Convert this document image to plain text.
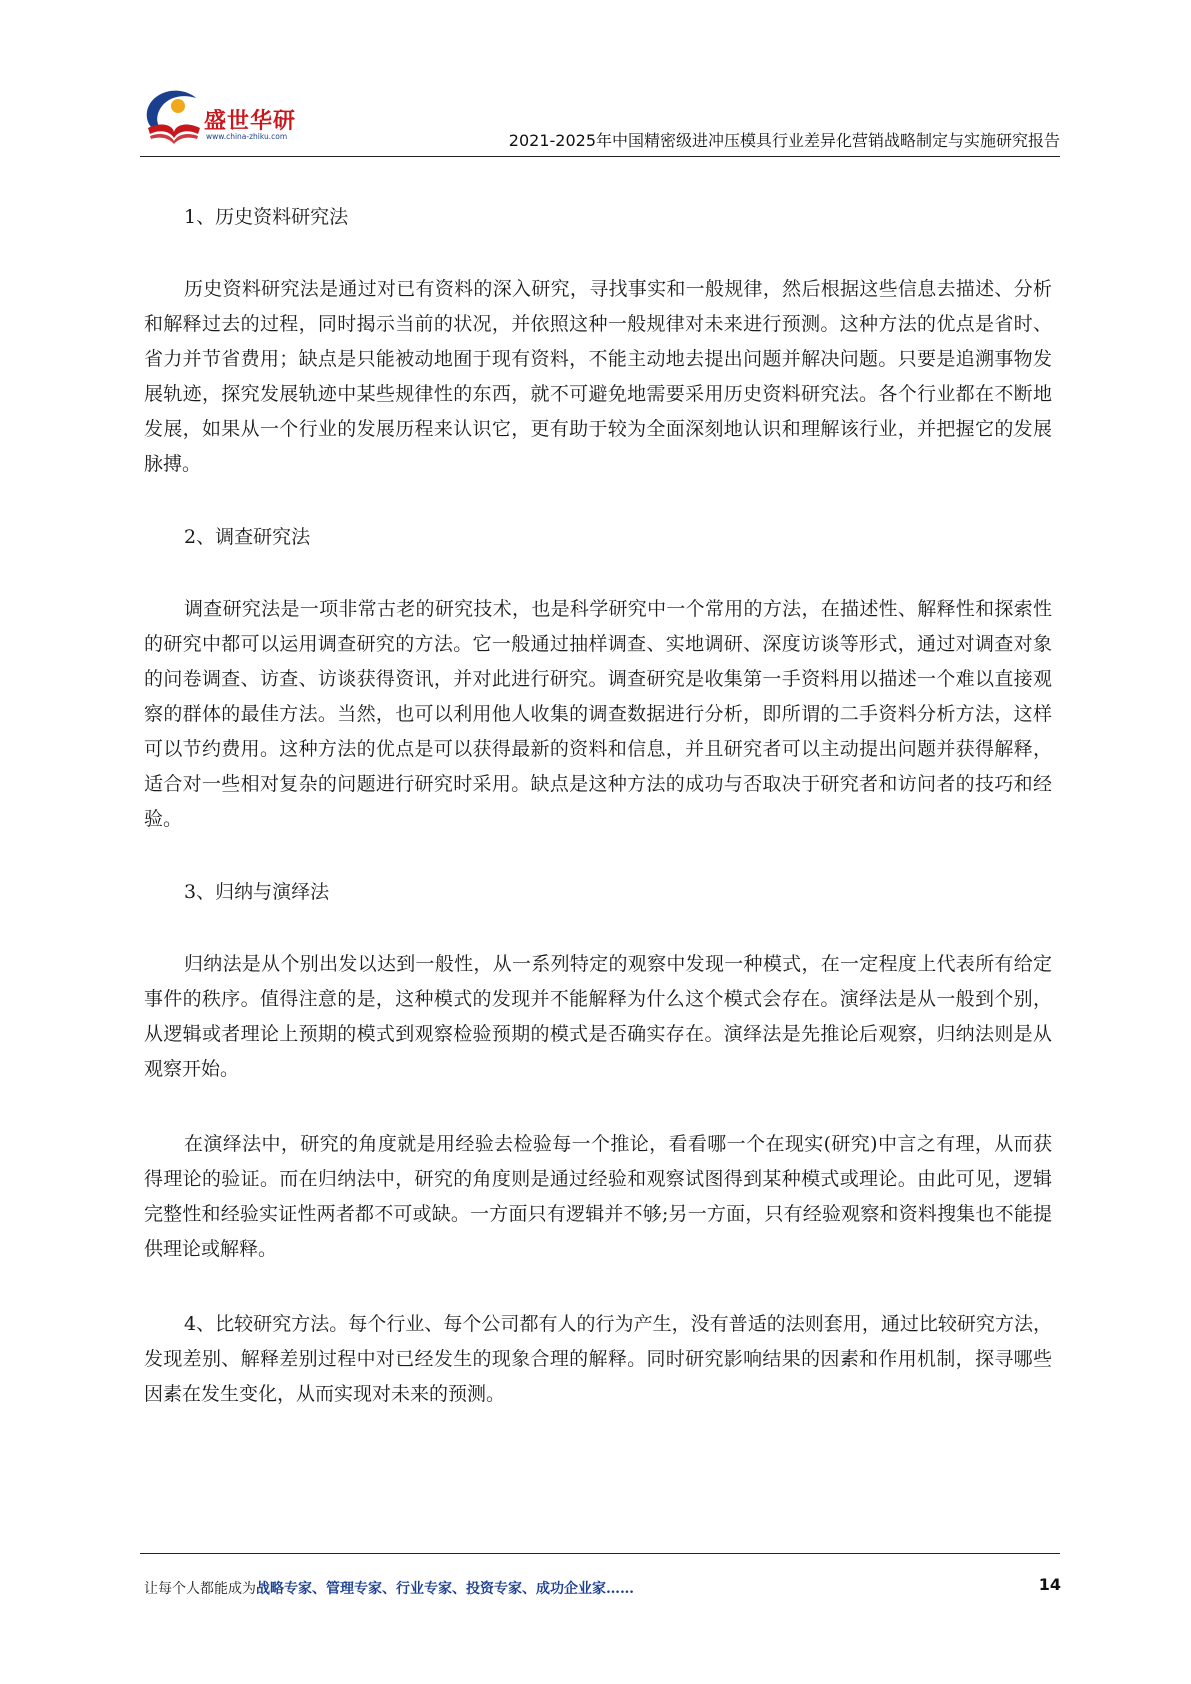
盛世华研
www.china-zhiku.com	2021-2025年中国精密级进冲压模具行业差异化营销战略制定与实施研究报告
1、历史资料研究法

历史资料研究法是通过对已有资料的深入研究，寻找事实和一般规律，然后根据这些信息去描述、分析和解释过去的过程，同时揭示当前的状况，并依照这种一般规律对未来进行预测。这种方法的优点是省时、省力并节省费用；缺点是只能被动地囿于现有资料，不能主动地去提出问题并解决问题。只要是追溯事物发展轨迹，探究发展轨迹中某些规律性的东西，就不可避免地需要采用历史资料研究法。各个行业都在不断地发展，如果从一个行业的发展历程来认识它，更有助于较为全面深刻地认识和理解该行业，并把握它的发展脉搏。

2、调查研究法

调查研究法是一项非常古老的研究技术，也是科学研究中一个常用的方法，在描述性、解释性和探索性的研究中都可以运用调查研究的方法。它一般通过抽样调查、实地调研、深度访谈等形式，通过对调查对象的问卷调查、访查、访谈获得资讯，并对此进行研究。调查研究是收集第一手资料用以描述一个难以直接观察的群体的最佳方法。当然，也可以利用他人收集的调查数据进行分析，即所谓的二手资料分析方法，这样可以节约费用。这种方法的优点是可以获得最新的资料和信息，并且研究者可以主动提出问题并获得解释，适合对一些相对复杂的问题进行研究时采用。缺点是这种方法的成功与否取决于研究者和访问者的技巧和经验。

3、归纳与演绎法

归纳法是从个别出发以达到一般性，从一系列特定的观察中发现一种模式，在一定程度上代表所有给定事件的秩序。值得注意的是，这种模式的发现并不能解释为什么这个模式会存在。演绎法是从一般到个别，从逻辑或者理论上预期的模式到观察检验预期的模式是否确实存在。演绎法是先推论后观察，归纳法则是从观察开始。

在演绎法中，研究的角度就是用经验去检验每一个推论，看看哪一个在现实(研究)中言之有理，从而获得理论的验证。而在归纳法中，研究的角度则是通过经验和观察试图得到某种模式或理论。由此可见，逻辑完整性和经验实证性两者都不可或缺。一方面只有逻辑并不够;另一方面，只有经验观察和资料搜集也不能提供理论或解释。

4、比较研究方法。每个行业、每个公司都有人的行为产生，没有普适的法则套用，通过比较研究方法，发现差别、解释差别过程中对已经发生的现象合理的解释。同时研究影响结果的因素和作用机制，探寻哪些因素在发生变化，从而实现对未来的预测。

让每个人都能成为战略专家、管理专家、行业专家、投资专家、成功企业家……	14
